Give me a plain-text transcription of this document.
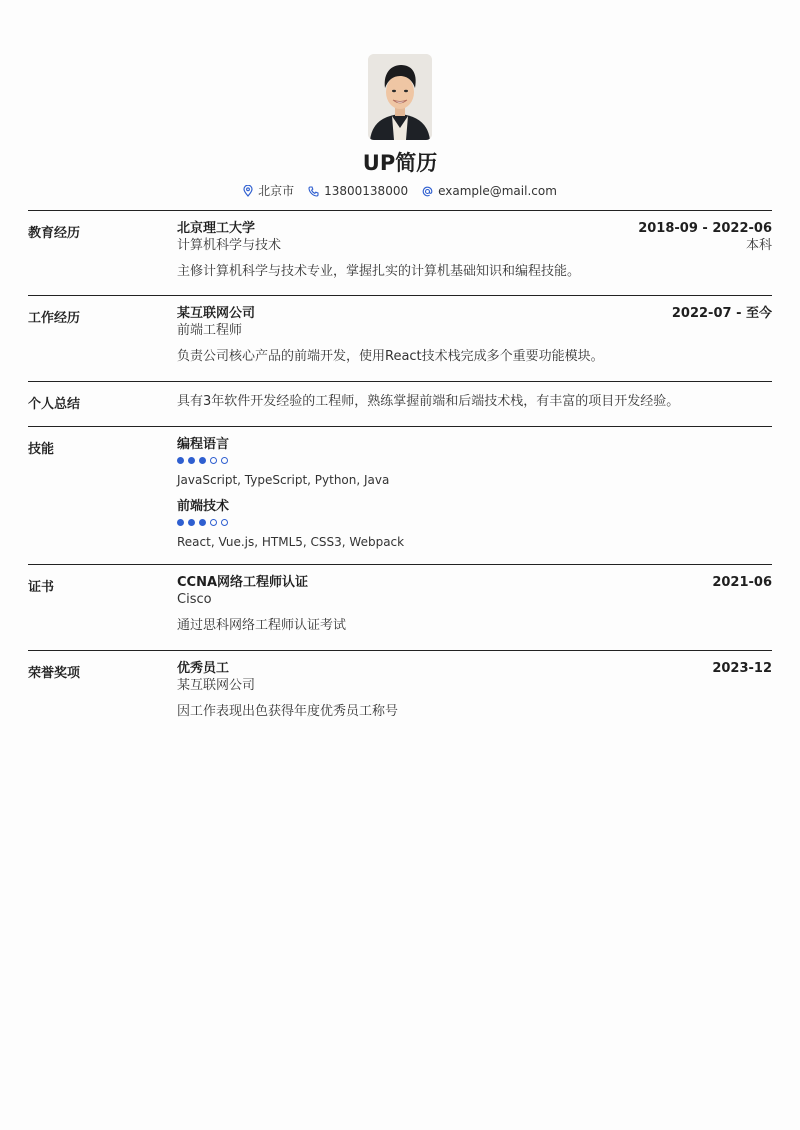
UP简历
北京市	13800138000	example@mail.com
教育经历	北京理工大学	2018-09 - 2022-06
计算机科学与技术	本科
主修计算机科学与技术专业，掌握扎实的计算机基础知识和编程技能。
工作经历	某互联网公司	2022-07 - 至今
前端工程师
负责公司核心产品的前端开发，使用React技术栈完成多个重要功能模块。
个人总结	具有3年软件开发经验的工程师，熟练掌握前端和后端技术栈，有丰富的项目开发经验。
技能	编程语言
JavaScript, TypeScript, Python, Java
前端技术
React, Vue.js, HTML5, CSS3, Webpack
证书	CCNA网络工程师认证	2021-06
Cisco
通过思科网络工程师认证考试
荣誉奖项	优秀员工	2023-12
某互联网公司
因工作表现出色获得年度优秀员工称号
